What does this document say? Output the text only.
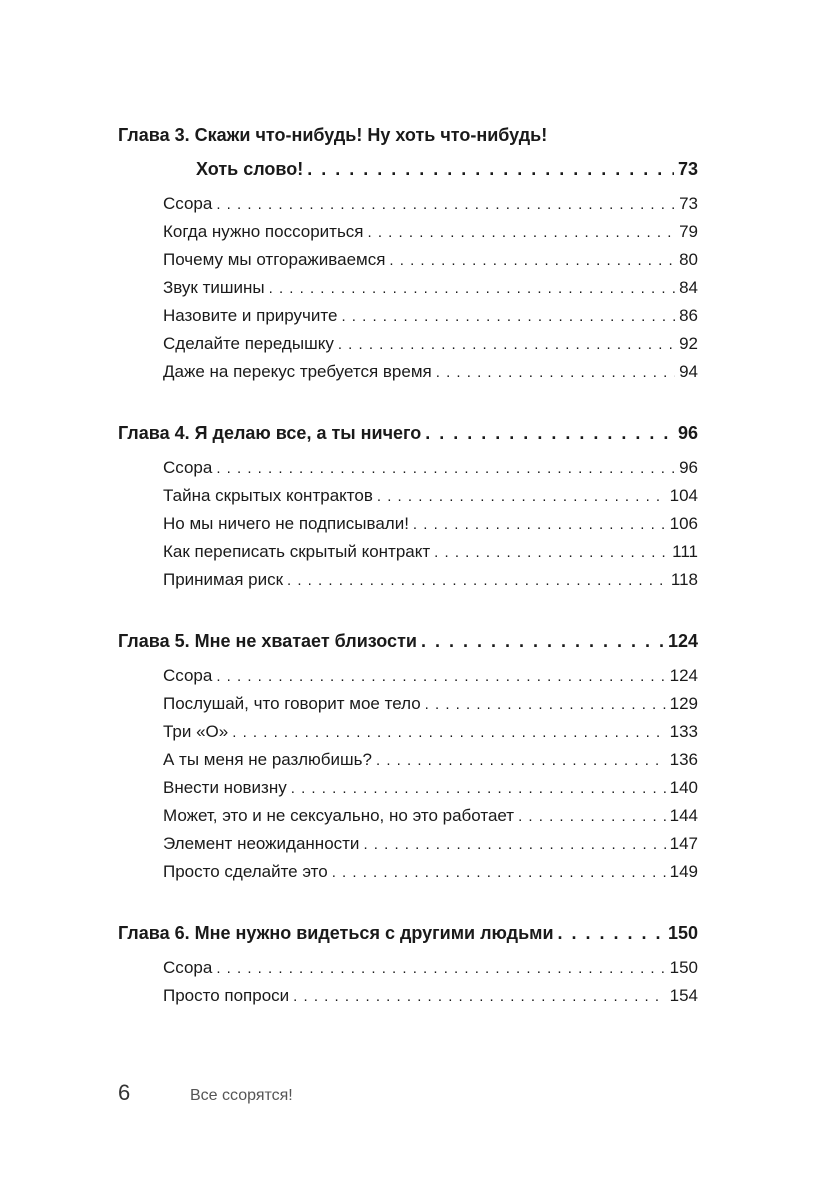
Глава 3. Скажи что-нибудь! Ну хоть что-нибудь!
Хоть слово! . . .	73
Ссора . . .	73
Когда нужно поссориться . . .	79
Почему мы отгораживаемся . . .	80
Звук тишины . . .	84
Назовите и приручите . . .	86
Сделайте передышку . . .	92
Даже на перекус требуется время . . .	94
Глава 4. Я делаю все, а ты ничего . . .	96
Ссора . . .	96
Тайна скрытых контрактов . . .	104
Но мы ничего не подписывали! . . .	106
Как переписать скрытый контракт . . .	111
Принимая риск . . .	118
Глава 5. Мне не хватает близости . . .	124
Ссора . . .	124
Послушай, что говорит мое тело . . .	129
Три «О» . . .	133
А ты меня не разлюбишь? . . .	136
Внести новизну . . .	140
Может, это и не сексуально, но это работает . . .	144
Элемент неожиданности . . .	147
Просто сделайте это . . .	149
Глава 6. Мне нужно видеться с другими людьми . . .	150
Ссора . . .	150
Просто попроси . . .	154
6	Все ссорятся!
